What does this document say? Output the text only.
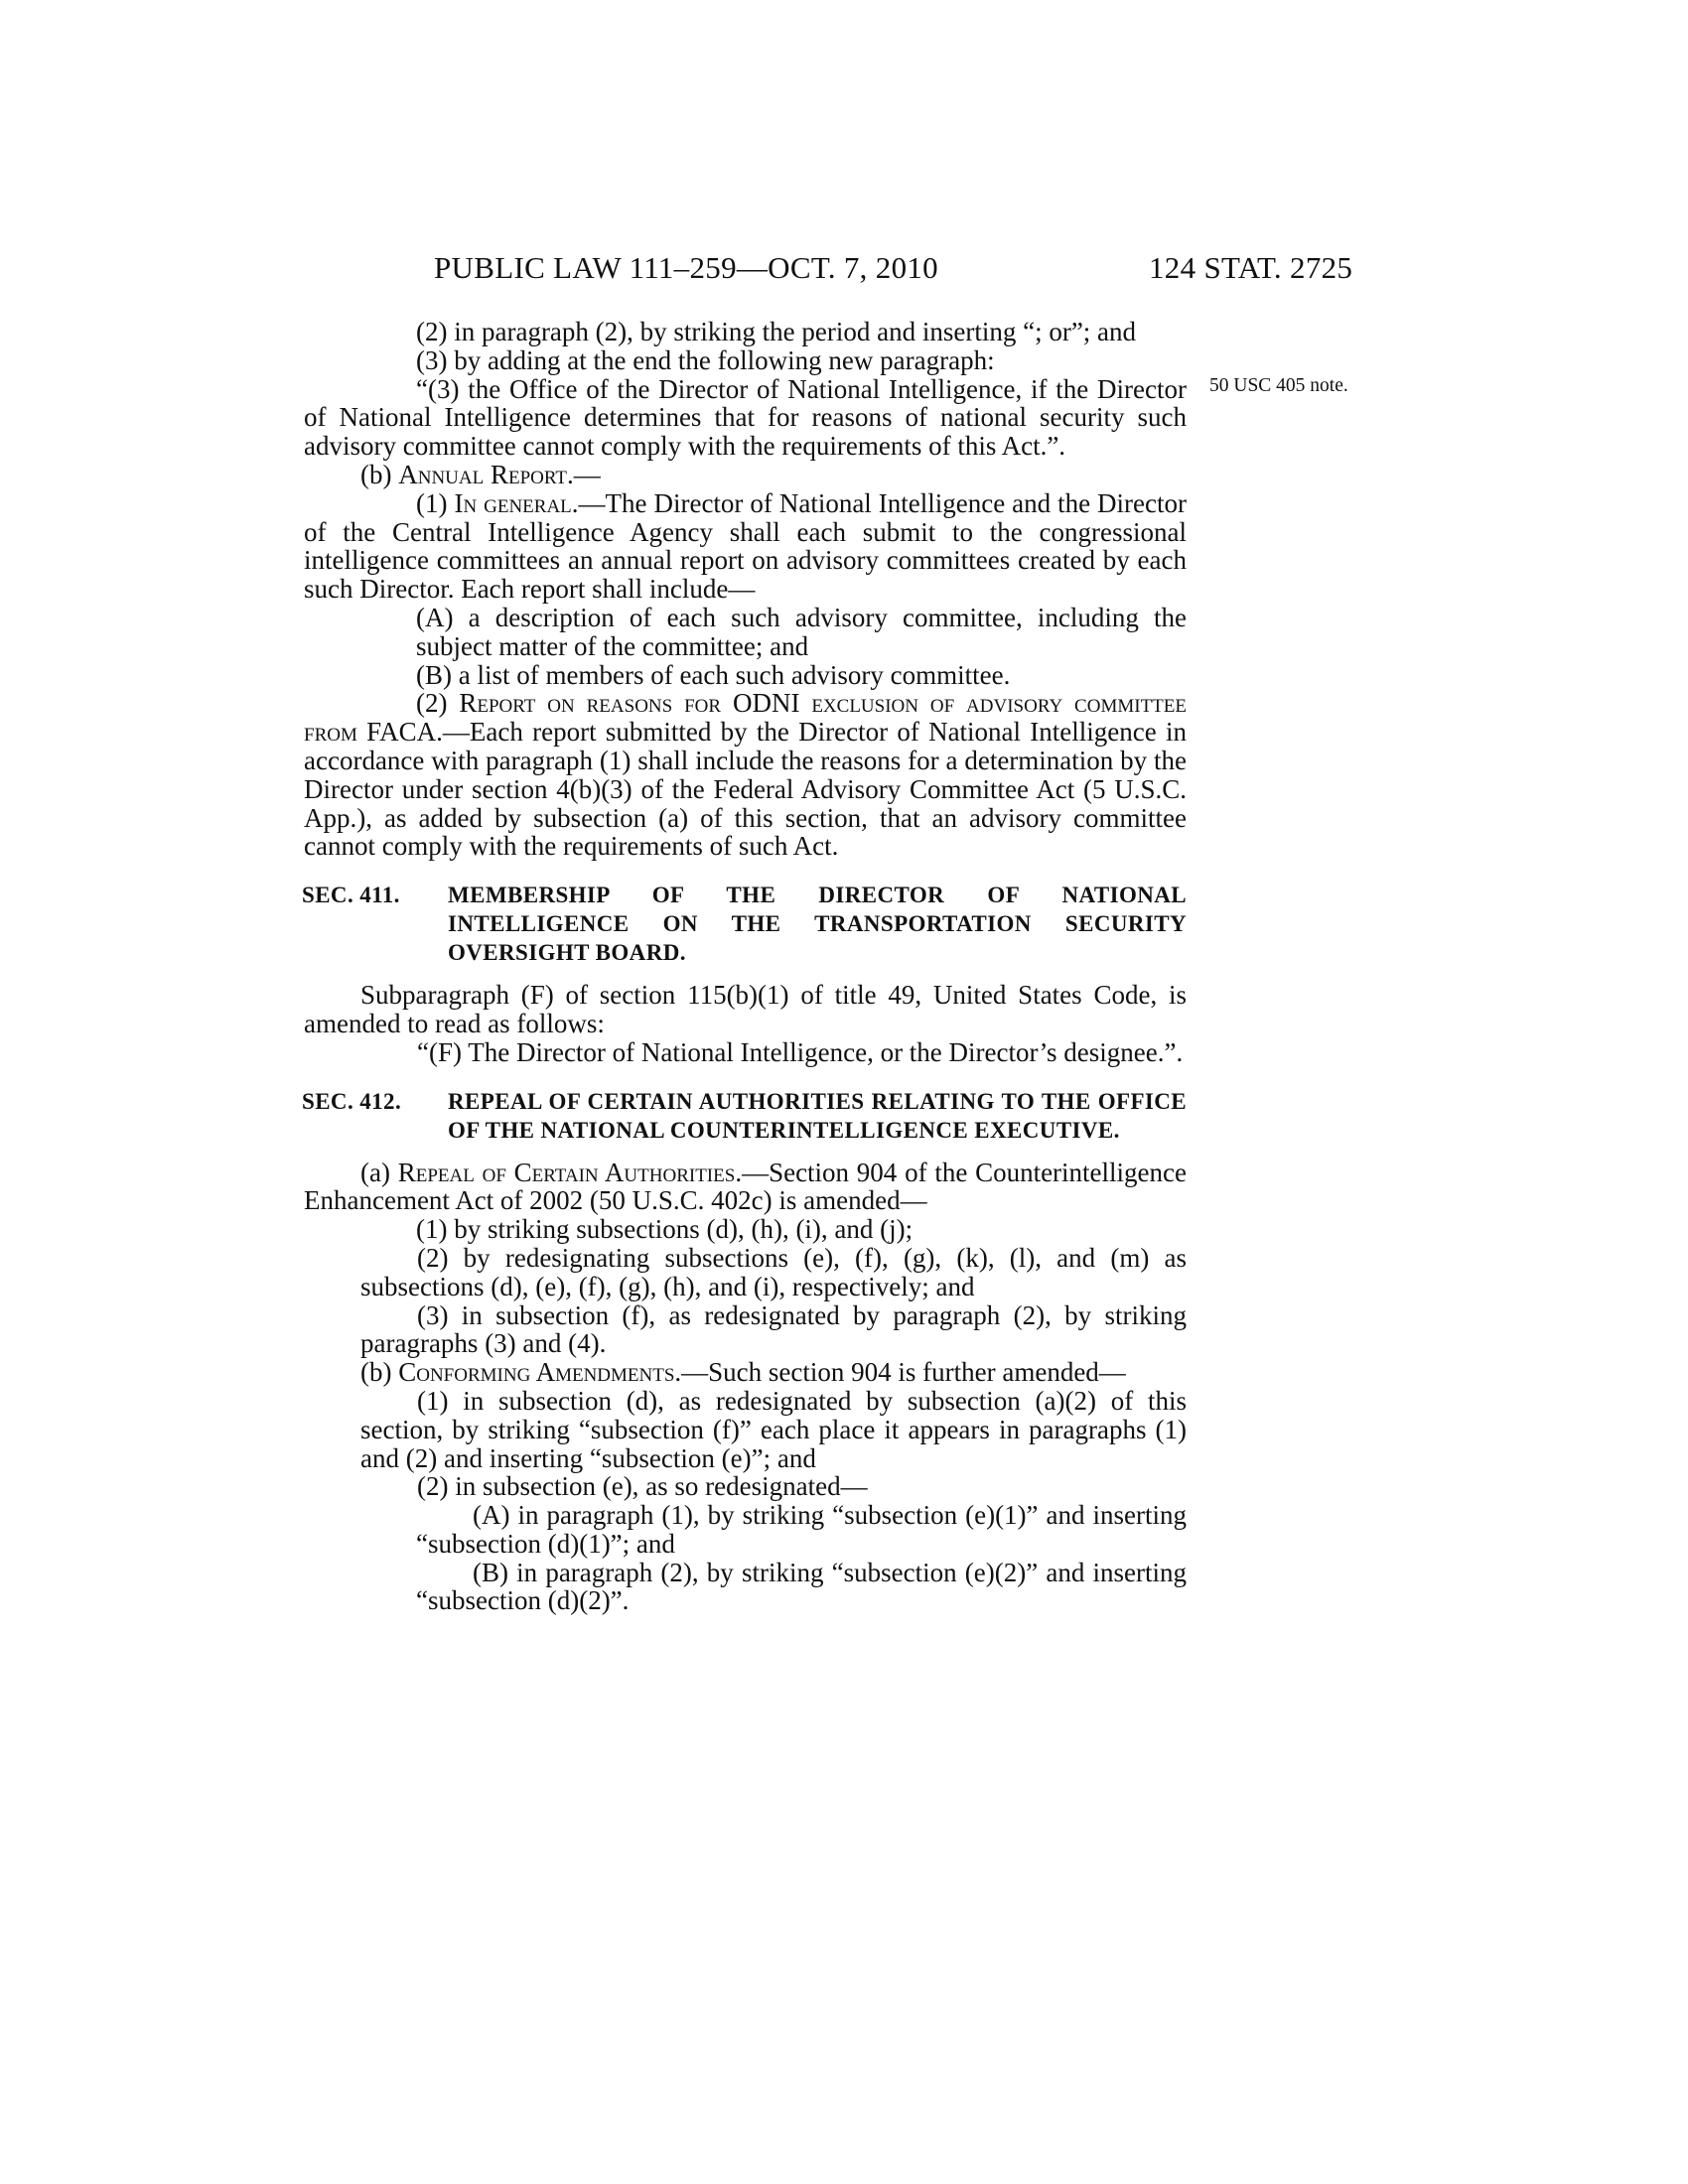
PUBLIC LAW 111–259—OCT. 7, 2010	124 STAT. 2725
50 USC 405 note.

(2) in paragraph (2), by striking the period and inserting “; or”; and

(3) by adding at the end the following new paragraph:

“(3) the Office of the Director of National Intelligence, if the Director of National Intelligence determines that for reasons of national security such advisory committee cannot comply with the requirements of this Act.”.

(b) Annual Report.—

(1) In general.—The Director of National Intelligence and the Director of the Central Intelligence Agency shall each submit to the congressional intelligence committees an annual report on advisory committees created by each such Director. Each report shall include—

(A) a description of each such advisory committee, including the subject matter of the committee; and

(B) a list of members of each such advisory committee.

(2) Report on reasons for ODNI exclusion of advisory committee from FACA.—Each report submitted by the Director of National Intelligence in accordance with paragraph (1) shall include the reasons for a determination by the Director under section 4(b)(3) of the Federal Advisory Committee Act (5 U.S.C. App.), as added by subsection (a) of this section, that an advisory committee cannot comply with the requirements of such Act.

SEC. 411.	MEMBERSHIP OF THE DIRECTOR OF NATIONAL INTELLIGENCE ON THE TRANSPORTATION SECURITY OVERSIGHT BOARD.

Subparagraph (F) of section 115(b)(1) of title 49, United States Code, is amended to read as follows:

“(F) The Director of National Intelligence, or the Director’s designee.”.

SEC. 412.	REPEAL OF CERTAIN AUTHORITIES RELATING TO THE OFFICE OF THE NATIONAL COUNTERINTELLIGENCE EXECUTIVE.

(a) Repeal of Certain Authorities.—Section 904 of the Counterintelligence Enhancement Act of 2002 (50 U.S.C. 402c) is amended—

(1) by striking subsections (d), (h), (i), and (j);

(2) by redesignating subsections (e), (f), (g), (k), (l), and (m) as subsections (d), (e), (f), (g), (h), and (i), respectively; and

(3) in subsection (f), as redesignated by paragraph (2), by striking paragraphs (3) and (4).

(b) Conforming Amendments.—Such section 904 is further amended—

(1) in subsection (d), as redesignated by subsection (a)(2) of this section, by striking “subsection (f)” each place it appears in paragraphs (1) and (2) and inserting “subsection (e)”; and

(2) in subsection (e), as so redesignated—

(A) in paragraph (1), by striking “subsection (e)(1)” and inserting “subsection (d)(1)”; and

(B) in paragraph (2), by striking “subsection (e)(2)” and inserting “subsection (d)(2)”.
